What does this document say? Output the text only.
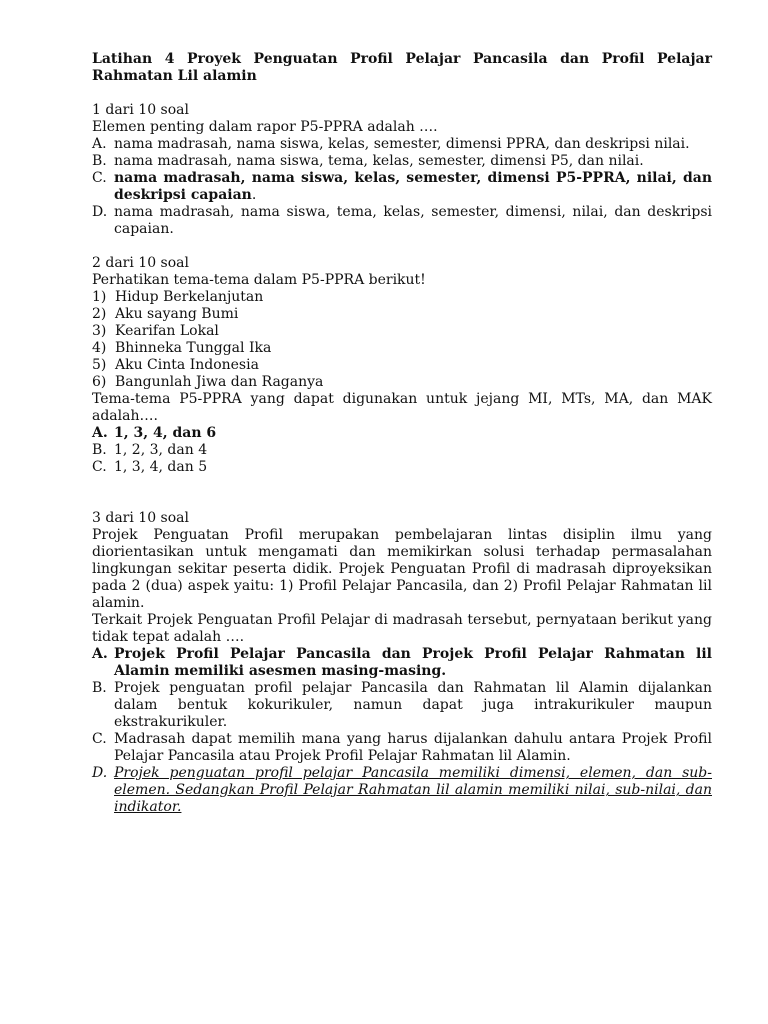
Latihan 4 Proyek Penguatan Profil Pelajar Pancasila dan Profil Pelajar Rahmatan Lil alamin

1 dari 10 soal

Elemen penting dalam rapor P5-PPRA adalah ….

A. nama madrasah, nama siswa, kelas, semester, dimensi PPRA, dan deskripsi nilai.
B. nama madrasah, nama siswa, tema, kelas, semester, dimensi P5, dan nilai.
C. nama madrasah, nama siswa, kelas, semester, dimensi P5-PPRA, nilai, dan deskripsi capaian.
D. nama madrasah, nama siswa, tema, kelas, semester, dimensi, nilai, dan deskripsi capaian.

2 dari 10 soal

Perhatikan tema-tema dalam P5-PPRA berikut!

1) Hidup Berkelanjutan
2) Aku sayang Bumi
3) Kearifan Lokal
4) Bhinneka Tunggal Ika
5) Aku Cinta Indonesia
6) Bangunlah Jiwa dan Raganya

Tema-tema P5-PPRA yang dapat digunakan untuk jejang MI, MTs, MA, dan MAK adalah….

A. 1, 3, 4, dan 6
B. 1, 2, 3, dan 4
C. 1, 3, 4, dan 5

3 dari 10 soal

Projek Penguatan Profil merupakan pembelajaran lintas disiplin ilmu yang diorientasikan untuk mengamati dan memikirkan solusi terhadap permasalahan lingkungan sekitar peserta didik. Projek Penguatan Profil di madrasah diproyeksikan pada 2 (dua) aspek yaitu: 1) Profil Pelajar Pancasila, dan 2) Profil Pelajar Rahmatan lil alamin.

Terkait Projek Penguatan Profil Pelajar di madrasah tersebut, pernyataan berikut yang tidak tepat adalah ….

A. Projek Profil Pelajar Pancasila dan Projek Profil Pelajar Rahmatan lil Alamin memiliki asesmen masing-masing.
B. Projek penguatan profil pelajar Pancasila dan Rahmatan lil Alamin dijalankan dalam bentuk kokurikuler, namun dapat juga intrakurikuler maupun ekstrakurikuler.
C. Madrasah dapat memilih mana yang harus dijalankan dahulu antara Projek Profil Pelajar Pancasila atau Projek Profil Pelajar Rahmatan lil Alamin.
D. Projek penguatan profil pelajar Pancasila memiliki dimensi, elemen, dan sub-elemen. Sedangkan Profil Pelajar Rahmatan lil alamin memiliki nilai, sub-nilai, dan indikator.
